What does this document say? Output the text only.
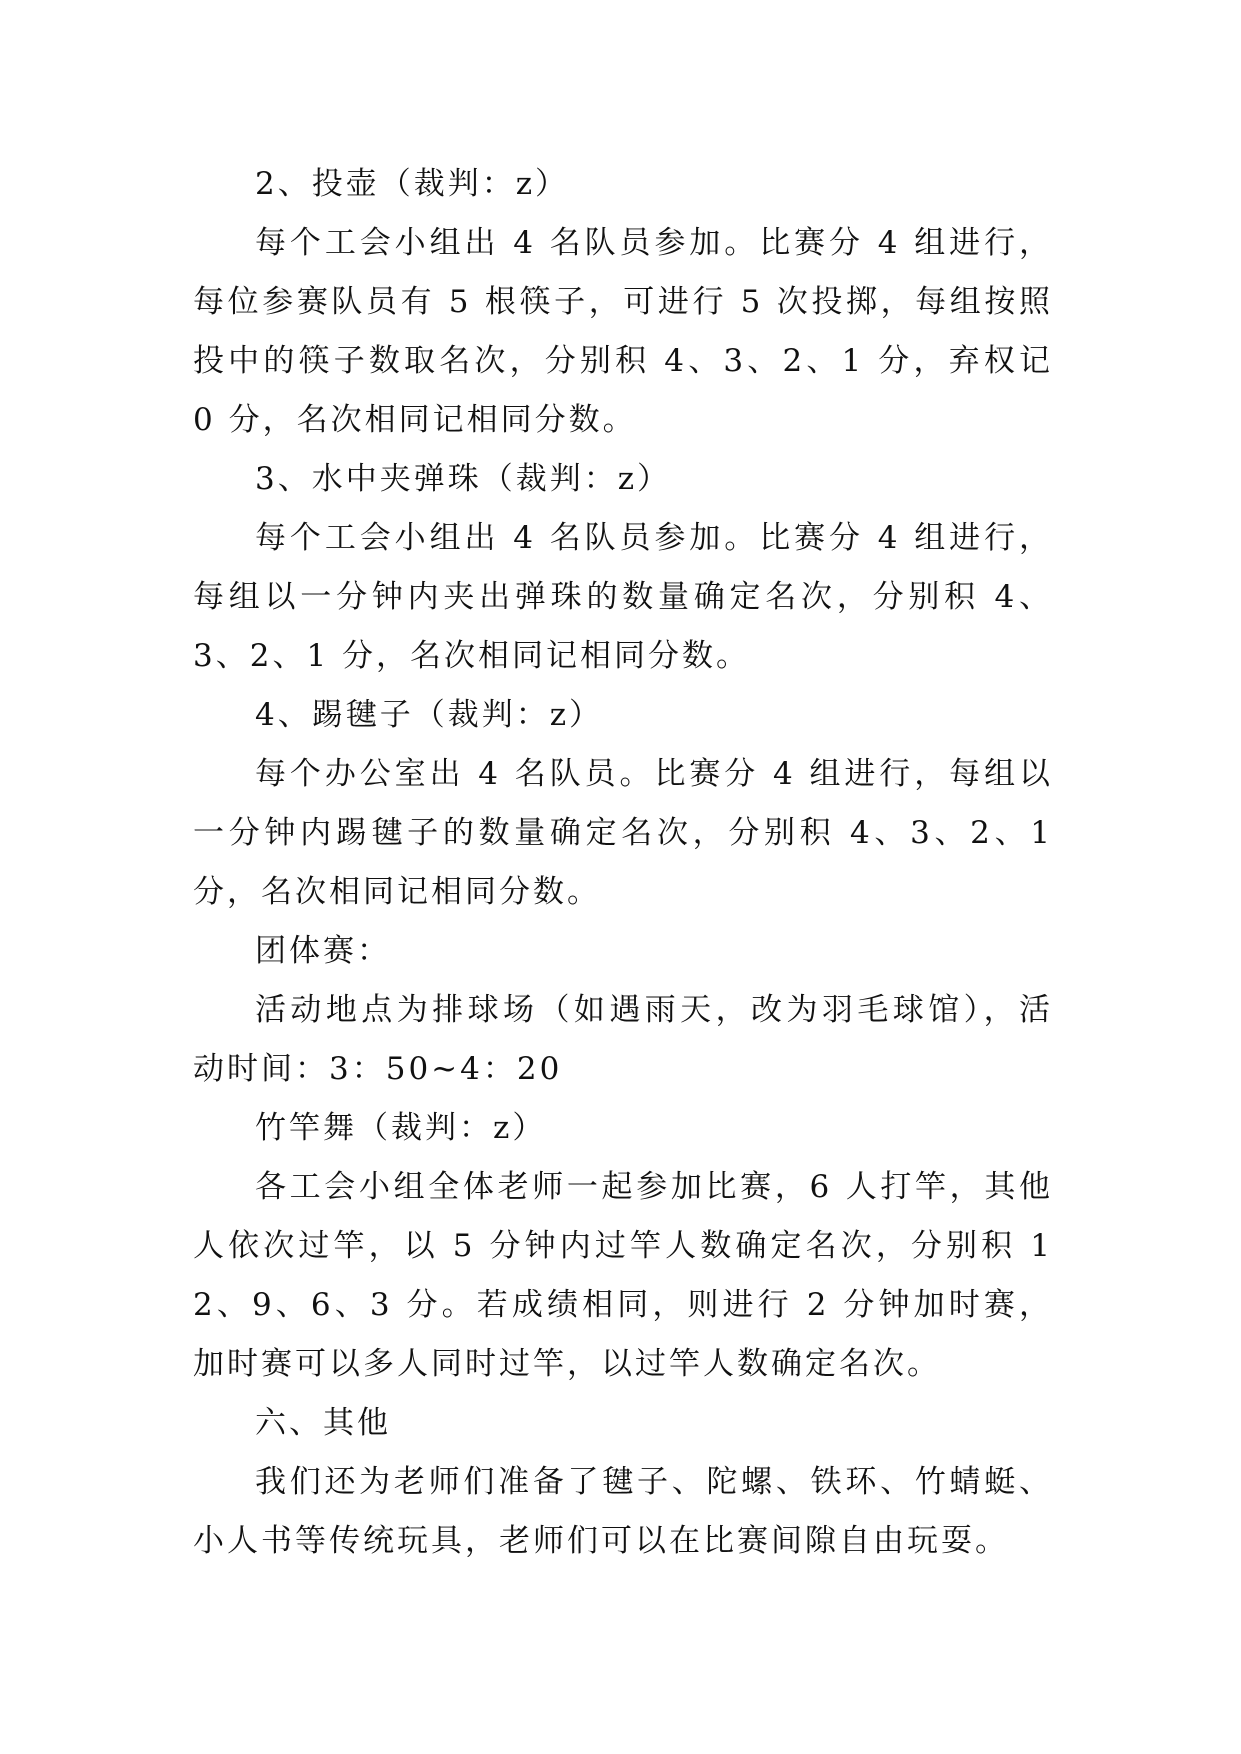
2、投壶（裁判：z）

每个工会小组出 4 名队员参加。比赛分 4 组进行，每位参赛队员有 5 根筷子，可进行 5 次投掷，每组按照投中的筷子数取名次，分别积 4、3、2、1 分，弃权记 0 分，名次相同记相同分数。

3、水中夹弹珠（裁判：z）

每个工会小组出 4 名队员参加。比赛分 4 组进行，每组以一分钟内夹出弹珠的数量确定名次，分别积 4、3、2、1 分，名次相同记相同分数。

4、踢毽子（裁判：z）

每个办公室出 4 名队员。比赛分 4 组进行，每组以一分钟内踢毽子的数量确定名次，分别积 4、3、2、1 分，名次相同记相同分数。

团体赛：

活动地点为排球场（如遇雨天，改为羽毛球馆），活动时间：3：50~4：20

竹竿舞（裁判：z）

各工会小组全体老师一起参加比赛，6 人打竿，其他人依次过竿，以 5 分钟内过竿人数确定名次，分别积 12、9、6、3 分。若成绩相同，则进行 2 分钟加时赛，加时赛可以多人同时过竿，以过竿人数确定名次。

六、其他

我们还为老师们准备了毽子、陀螺、铁环、竹蜻蜓、小人书等传统玩具，老师们可以在比赛间隙自由玩耍。
